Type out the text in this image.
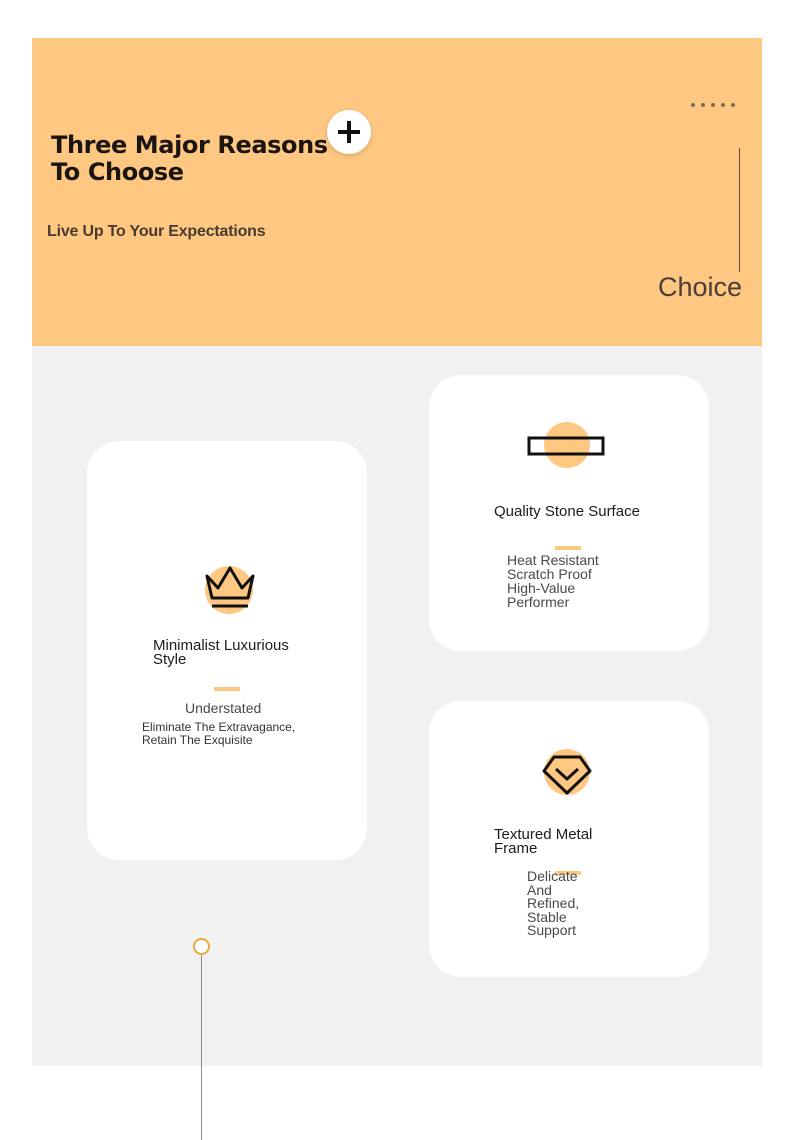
Three Major Reasons
To Choose
Live Up To Your Expectations
Choice
Minimalist Luxurious
Style
Understated
Eliminate The Extravagance,
Retain The Exquisite
Quality Stone Surface
Heat Resistant
Scratch Proof
High-Value
Performer
Textured Metal
Frame
Delicate
And
Refined,
Stable
Support
